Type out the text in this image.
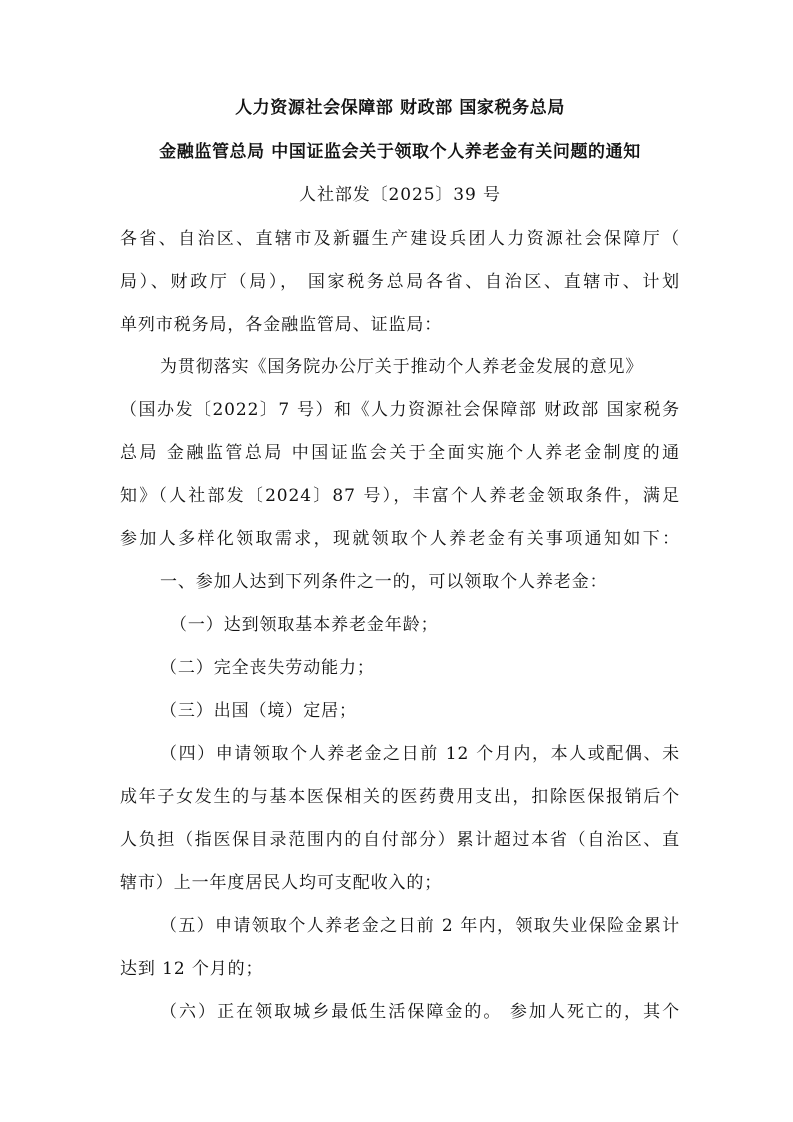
人力资源社会保障部 财政部 国家税务总局
金融监管总局 中国证监会关于领取个人养老金有关问题的通知
人社部发〔2025〕39 号
各省、自治区、直辖市及新疆生产建设兵团人力资源社会保障厅（
局）、财政厅（局）， 国家税务总局各省、自治区、直辖市、计划
单列市税务局，各金融监管局、证监局：
为贯彻落实《国务院办公厅关于推动个人养老金发展的意见》
（国办发〔2022〕7 号）和《人力资源社会保障部 财政部 国家税务
总局 金融监管总局 中国证监会关于全面实施个人养老金制度的通
知》（人社部发〔2024〕87 号），丰富个人养老金领取条件，满足
参加人多样化领取需求，现就领取个人养老金有关事项通知如下：
一、参加人达到下列条件之一的，可以领取个人养老金：
（一）达到领取基本养老金年龄；
（二）完全丧失劳动能力；
（三）出国（境）定居；
（四）申请领取个人养老金之日前 12 个月内，本人或配偶、未
成年子女发生的与基本医保相关的医药费用支出，扣除医保报销后个
人负担（指医保目录范围内的自付部分）累计超过本省（自治区、直
辖市）上一年度居民人均可支配收入的；
（五）申请领取个人养老金之日前 2 年内，领取失业保险金累计
达到 12 个月的；
（六）正在领取城乡最低生活保障金的。 参加人死亡的，其个
